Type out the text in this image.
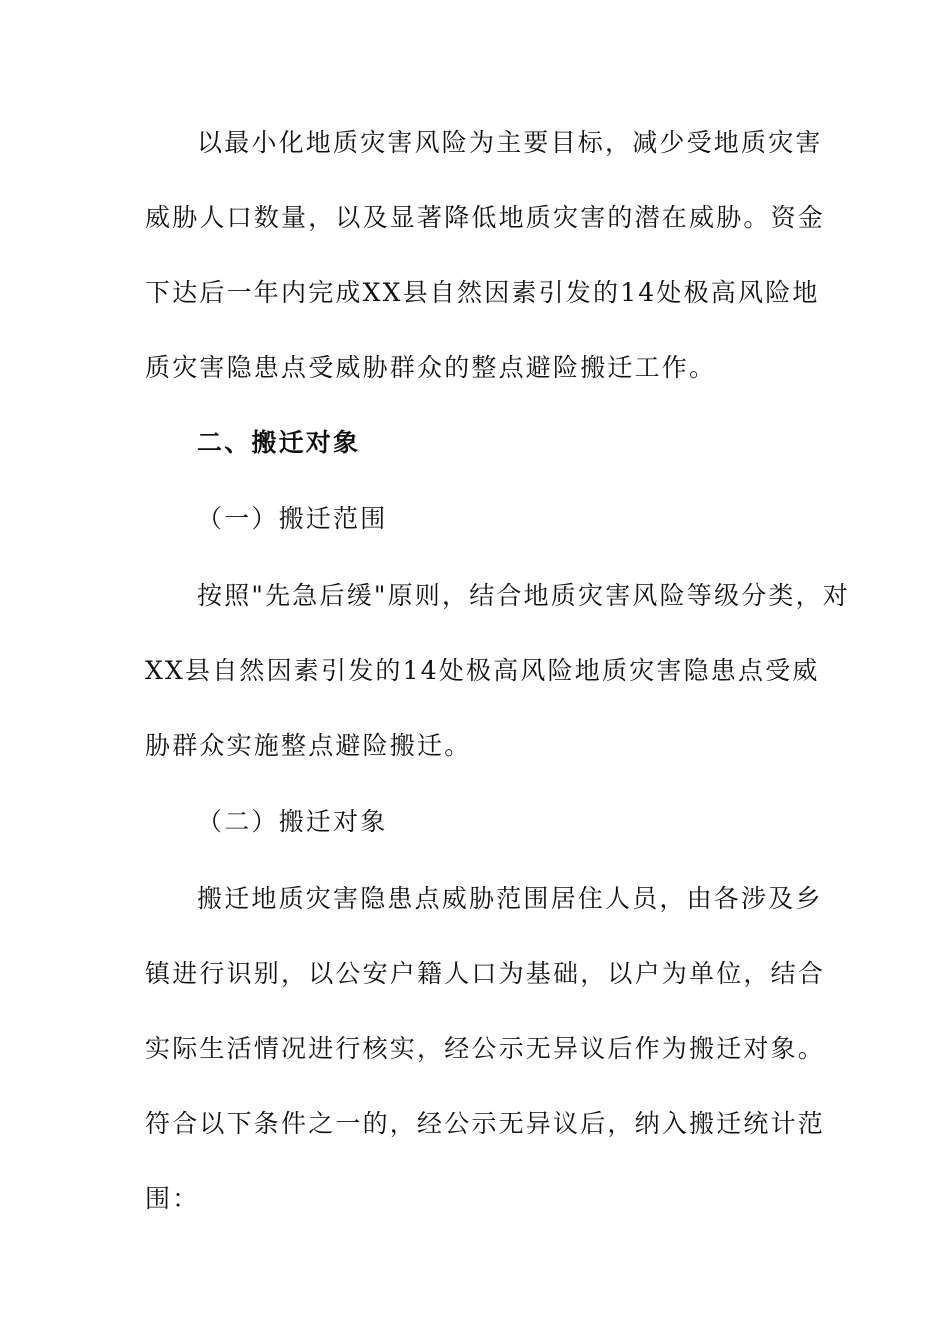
以最小化地质灾害风险为主要目标，减少受地质灾害
威胁人口数量，以及显著降低地质灾害的潜在威胁。资金
下达后一年内完成XX县自然因素引发的14处极高风险地
质灾害隐患点受威胁群众的整点避险搬迁工作。
二、搬迁对象
（一）搬迁范围
按照"先急后缓"原则，结合地质灾害风险等级分类，对
XX县自然因素引发的14处极高风险地质灾害隐患点受威
胁群众实施整点避险搬迁。
（二）搬迁对象
搬迁地质灾害隐患点威胁范围居住人员，由各涉及乡
镇进行识别，以公安户籍人口为基础，以户为单位，结合
实际生活情况进行核实，经公示无异议后作为搬迁对象。
符合以下条件之一的，经公示无异议后，纳入搬迁统计范
围：
